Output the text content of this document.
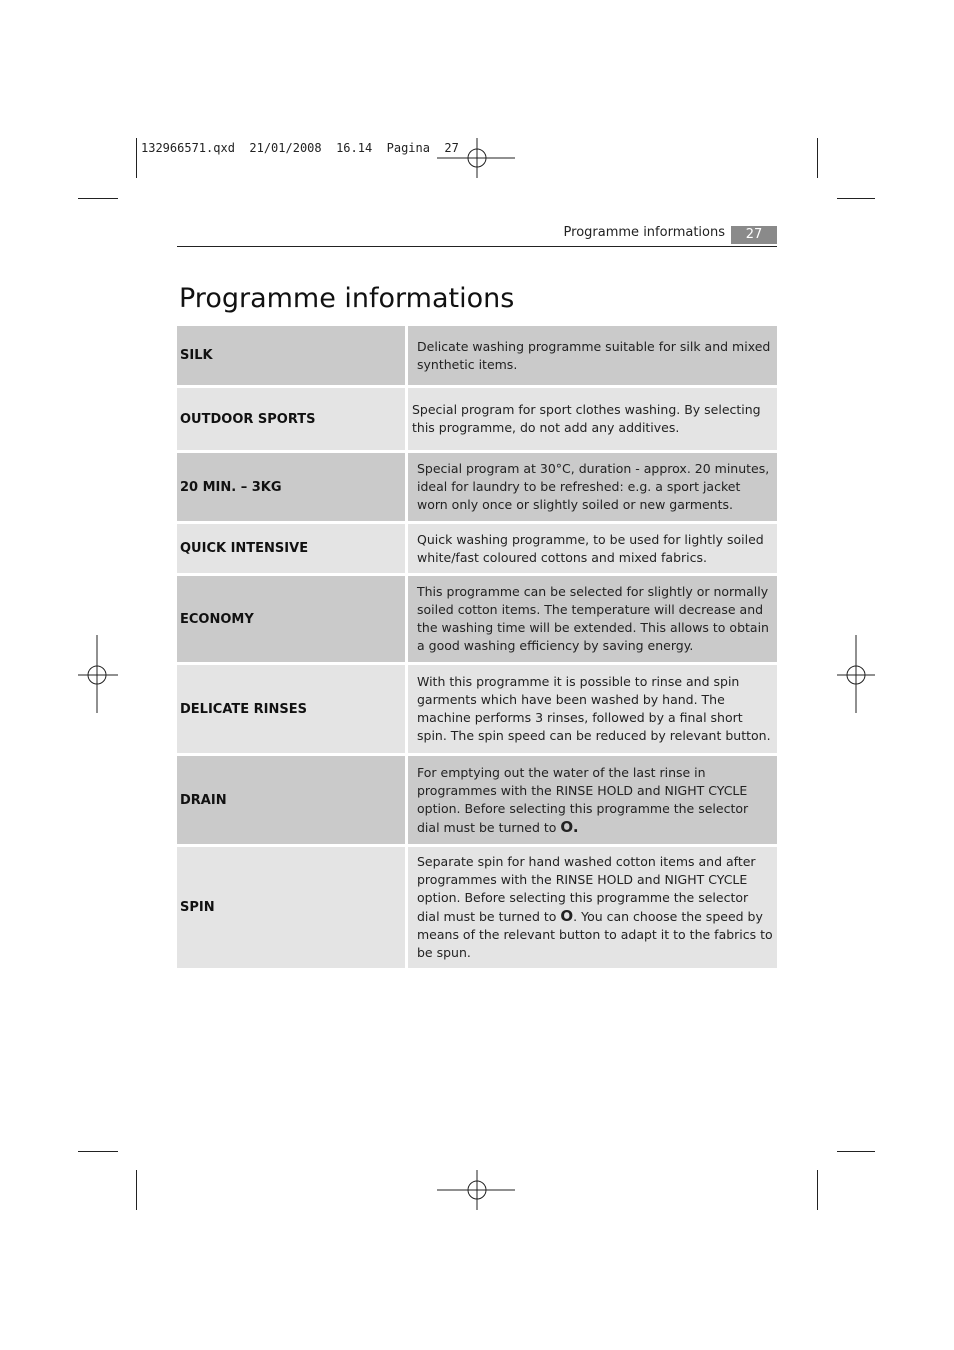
132966571.qxd  21/01/2008  16.14  Pagina  27
Programme informations	27
Programme informations
SILK	Delicate washing programme suitable for silk and mixed synthetic items.
OUTDOOR SPORTS	Special program for sport clothes washing. By selecting this programme, do not add any additives.
20 MIN. – 3KG	Special program at 30°C, duration - approx. 20 minutes, ideal for laundry to be refreshed: e.g. a sport jacket worn only once or slightly soiled or new garments.
QUICK INTENSIVE	Quick washing programme, to be used for lightly soiled white/fast coloured cottons and mixed fabrics.
ECONOMY	This programme can be selected for slightly or normally soiled cotton items. The temperature will decrease and the washing time will be extended. This allows to obtain a good washing efficiency by saving energy.
DELICATE RINSES	With this programme it is possible to rinse and spin garments which have been washed by hand. The machine performs 3 rinses, followed by a final short spin. The spin speed can be reduced by relevant button.
DRAIN	For emptying out the water of the last rinse in programmes with the RINSE HOLD and NIGHT CYCLE option. Before selecting this programme the selector dial must be turned to O.
SPIN	Separate spin for hand washed cotton items and after programmes with the RINSE HOLD and NIGHT CYCLE option. Before selecting this programme the selector dial must be turned to O. You can choose the speed by means of the relevant button to adapt it to the fabrics to be spun.
